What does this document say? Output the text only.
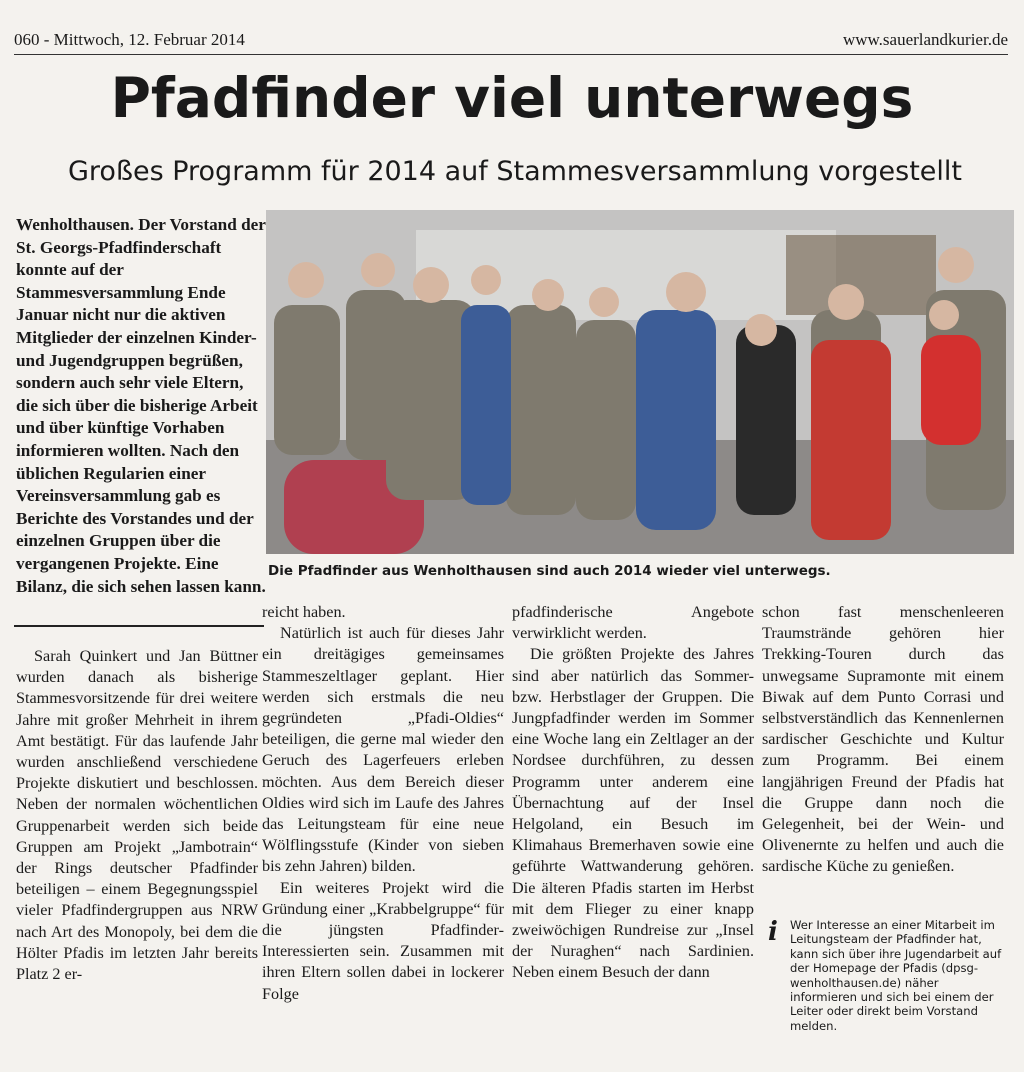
060 - Mittwoch, 12. Februar 2014	www.sauerlandkurier.de
Pfadfinder viel unterwegs
Großes Programm für 2014 auf Stammesversammlung vorgestellt

Wenholthausen. Der Vorstand der St. Georgs-Pfadfinderschaft konnte auf der Stammesversammlung Ende Januar nicht nur die aktiven Mitglieder der einzelnen Kinder- und Jugendgruppen begrüßen, sondern auch sehr viele Eltern, die sich über die bisherige Arbeit und über künftige Vorhaben informieren wollten. Nach den üblichen Regularien einer Vereinsversammlung gab es Berichte des Vorstandes und der einzelnen Gruppen über die vergangenen Projekte. Eine Bilanz, die sich sehen lassen kann.

Die Pfadfinder aus Wenholthausen sind auch 2014 wieder viel unterwegs.

Sarah Quinkert und Jan Büttner wurden danach als bisherige Stammesvorsitzende für drei weitere Jahre mit großer Mehrheit in ihrem Amt bestätigt. Für das laufende Jahr wurden anschließend verschiedene Projekte diskutiert und beschlossen. Neben der normalen wöchentlichen Gruppenarbeit werden sich beide Gruppen am Projekt „Jambotrain“ der Rings deutscher Pfadfinder beteiligen – einem Begegnungsspiel vieler Pfadfindergruppen aus NRW nach Art des Monopoly, bei dem die Hölter Pfadis im letzten Jahr bereits Platz 2 er-

reicht haben.

Natürlich ist auch für dieses Jahr ein dreitägiges gemeinsames Stammeszeltlager geplant. Hier werden sich erstmals die neu gegründeten „Pfadi-Oldies“ beteiligen, die gerne mal wieder den Geruch des Lagerfeuers erleben möchten. Aus dem Bereich dieser Oldies wird sich im Laufe des Jahres das Leitungsteam für eine neue Wölflingsstufe (Kinder von sieben bis zehn Jahren) bilden.

Ein weiteres Projekt wird die Gründung einer „Krabbelgruppe“ für die jüngsten Pfadfinder-Interessierten sein. Zusammen mit ihren Eltern sollen dabei in lockerer Folge

pfadfinderische Angebote verwirklicht werden.

Die größten Projekte des Jahres sind aber natürlich das Sommer- bzw. Herbstlager der Gruppen. Die Jungpfadfinder werden im Sommer eine Woche lang ein Zeltlager an der Nordsee durchführen, zu dessen Programm unter anderem eine Übernachtung auf der Insel Helgoland, ein Besuch im Klimahaus Bremerhaven sowie eine geführte Wattwanderung gehören. Die älteren Pfadis starten im Herbst mit dem Flieger zu einer knapp zweiwöchigen Rundreise zur „Insel der Nuraghen“ nach Sardinien. Neben einem Besuch der dann

schon fast menschenleeren Traumstrände gehören hier Trekking-Touren durch das unwegsame Supramonte mit einem Biwak auf dem Punto Corrasi und selbstverständlich das Kennenlernen sardischer Geschichte und Kultur zum Programm. Bei einem langjährigen Freund der Pfadis hat die Gruppe dann noch die Gelegenheit, bei der Wein- und Olivenernte zu helfen und auch die sardische Küche zu genießen.

i	Wer Interesse an einer Mitarbeit im Leitungsteam der Pfadfinder hat, kann sich über ihre Jugendarbeit auf der Homepage der Pfadis (dpsg-wenholthausen.de) näher informieren und sich bei einem der Leiter oder direkt beim Vorstand melden.
